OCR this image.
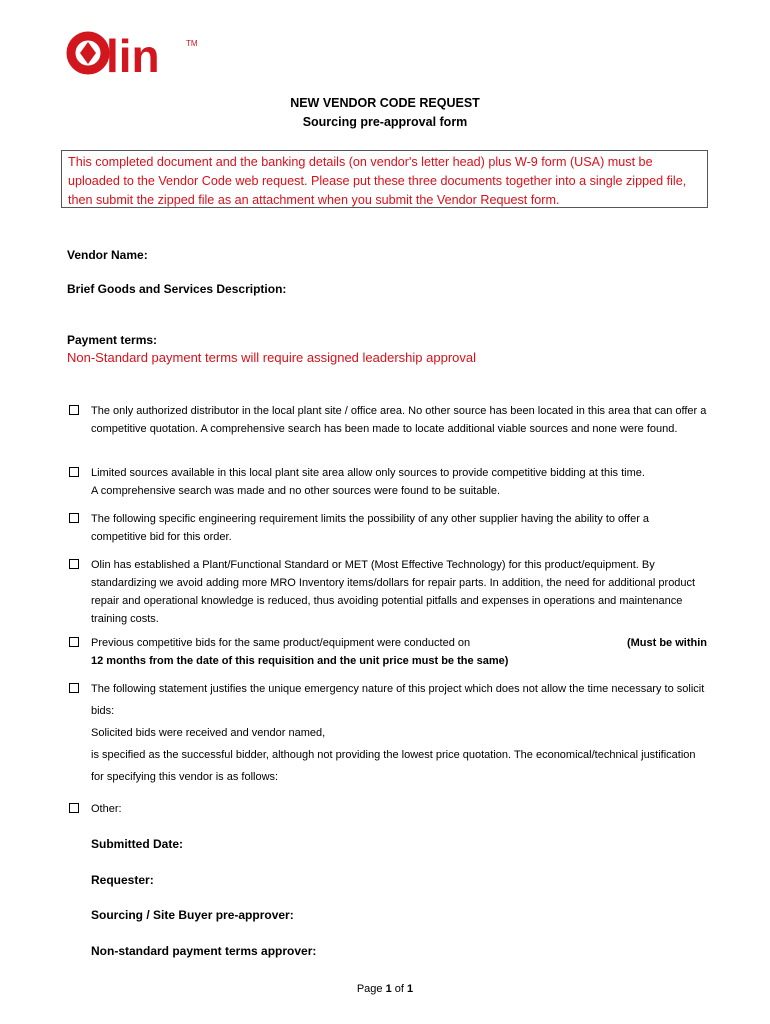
lin	TM
NEW VENDOR CODE REQUEST
Sourcing pre-approval form
This completed document and the banking details (on vendor's letter head) plus W-9 form (USA) must be uploaded to the Vendor Code web request. Please put these three documents together into a single zipped file, then submit the zipped file as an attachment when you submit the Vendor Request form.
Vendor Name:
Brief Goods and Services Description:
Payment terms:
Non-Standard payment terms will require assigned leadership approval

The only authorized distributor in the local plant site / office area. No other source has been located in this area that can offer a competitive quotation. A comprehensive search has been made to locate additional viable sources and none were found.

Limited sources available in this local plant site area allow only sources to provide competitive bidding at this time.

A comprehensive search was made and no other sources were found to be suitable.

The following specific engineering requirement limits the possibility of any other supplier having the ability to offer a competitive bid for this order.

Olin has established a Plant/Functional Standard or MET (Most Effective Technology) for this product/equipment. By standardizing we avoid adding more MRO Inventory items/dollars for repair parts. In addition, the need for additional product repair and operational knowledge is reduced, thus avoiding potential pitfalls and expenses in operations and maintenance training costs.

Previous competitive bids for the same product/equipment were conducted on	(Must be within

12 months from the date of this requisition and the unit price must be the same)

The following statement justifies the unique emergency nature of this project which does not allow the time necessary to solicit bids:

Solicited bids were received and vendor named,

is specified as the successful bidder, although not providing the lowest price quotation. The economical/technical justification for specifying this vendor is as follows:

Other:

Submitted Date:
Requester:
Sourcing / Site Buyer pre-approver:
Non-standard payment terms approver:
Page 1 of 1
